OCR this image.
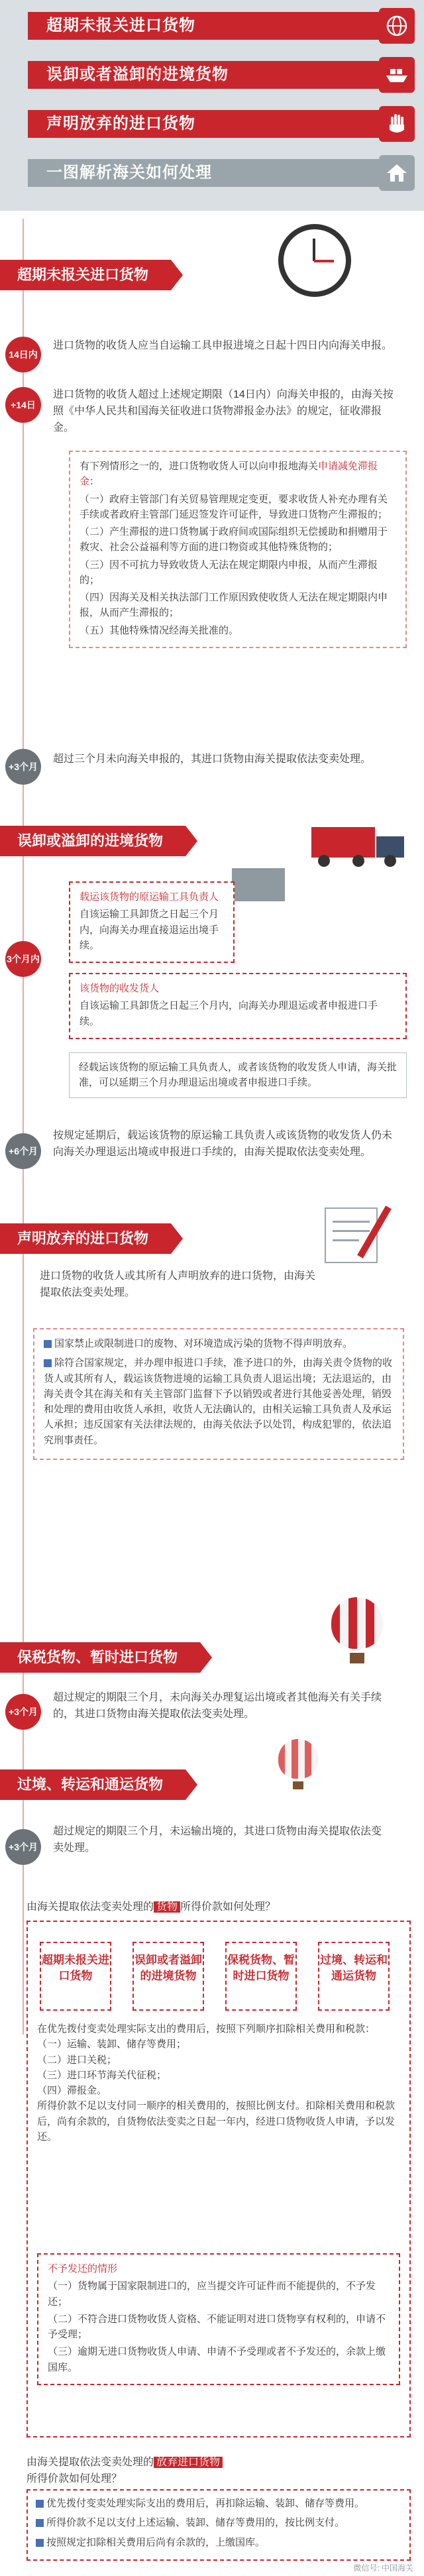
超期未报关进口货物
误卸或者溢卸的进境货物
声明放弃的进口货物
一图解析海关如何处理
超期未报关进口货物
14日内
进口货物的收货人应当自运输工具申报进境之日起十四日内向海关申报。
+14日
进口货物的收货人超过上述规定期限（14日内）向海关申报的，由海关按照《中华人民共和国海关征收进口货物滞报金办法》的规定，征收滞报金。

有下列情形之一的，进口货物收货人可以向申报地海关申请减免滞报金：

（一）政府主管部门有关贸易管理规定变更，要求收货人补充办理有关手续或者政府主管部门延迟签发许可证件，导致进口货物产生滞报的；

（二）产生滞报的进口货物属于政府间或国际组织无偿援助和捐赠用于救灾、社会公益福利等方面的进口物资或其他特殊货物的；

（三）因不可抗力导致收货人无法在规定期限内申报，从而产生滞报的；

（四）因海关及相关执法部门工作原因致使收货人无法在规定期限内申报，从而产生滞报的；

（五）其他特殊情况经海关批准的。

+3个月
超过三个月未向海关申报的，其进口货物由海关提取依法变卖处理。
误卸或溢卸的进境货物
3个月内

载运该货物的原运输工具负责人

自该运输工具卸货之日起三个月内，向海关办理直接退运出境手续。

该货物的收发货人

自该运输工具卸货之日起三个月内，向海关办理退运或者申报进口手续。

经载运该货物的原运输工具负责人，或者该货物的收发货人申请，海关批准，可以延期三个月办理退运出境或者申报进口手续。
+6个月
按规定延期后，载运该货物的原运输工具负责人或该货物的收发货人仍未向海关办理退运出境或申报进口手续的，由海关提取依法变卖处理。
声明放弃的进口货物
进口货物的收货人或其所有人声明放弃的进口货物，由海关提取依法变卖处理。

国家禁止或限制进口的废物、对环境造成污染的货物不得声明放弃。

除符合国家规定，并办理申报进口手续，准予进口的外，由海关责令货物的收货人或其所有人，载运该货物进境的运输工具负责人退运出境；无法退运的，由海关责令其在海关和有关主管部门监督下予以销毁或者进行其他妥善处理，销毁和处理的费用由收货人承担，收货人无法确认的，由相关运输工具负责人及承运人承担；违反国家有关法律法规的，由海关依法予以处罚，构成犯罪的，依法追究刑事责任。

保税货物、暂时进口货物
+3个月
超过规定的期限三个月，未向海关办理复运出境或者其他海关有关手续的，其进口货物由海关提取依法变卖处理。
过境、转运和通运货物
+3个月
超过规定的期限三个月，未运输出境的，其进口货物由海关提取依法变卖处理。
由海关提取依法变卖处理的 货物 所得价款如何处理？
超期未报关进口货物
误卸或者溢卸的进境货物
保税货物、暂时进口货物
过境、转运和通运货物

在优先拨付变卖处理实际支出的费用后，按照下列顺序扣除相关费用和税款：

（一）运输、装卸、储存等费用；

（二）进口关税；

（三）进口环节海关代征税；

（四）滞报金。

所得价款不足以支付同一顺序的相关费用的，按照比例支付。扣除相关费用和税款后，尚有余款的，自货物依法变卖之日起一年内，经进口货物收货人申请，予以发还。

不予发还的情形

（一）货物属于国家限制进口的，应当提交许可证件而不能提供的，不予发还；

（二）不符合进口货物收货人资格、不能证明对进口货物享有权利的，申请不予受理；

（三）逾期无进口货物收货人申请、申请不予受理或者不予发还的，余款上缴国库。

由海关提取依法变卖处理的 放弃进口货物
所得价款如何处理？

优先拨付变卖处理实际支出的费用后，再扣除运输、装卸、储存等费用。

所得价款不足以支付上述运输、装卸、储存等费用的，按比例支付。

按照规定扣除相关费用后尚有余款的，上缴国库。

微信号: 中国海关
